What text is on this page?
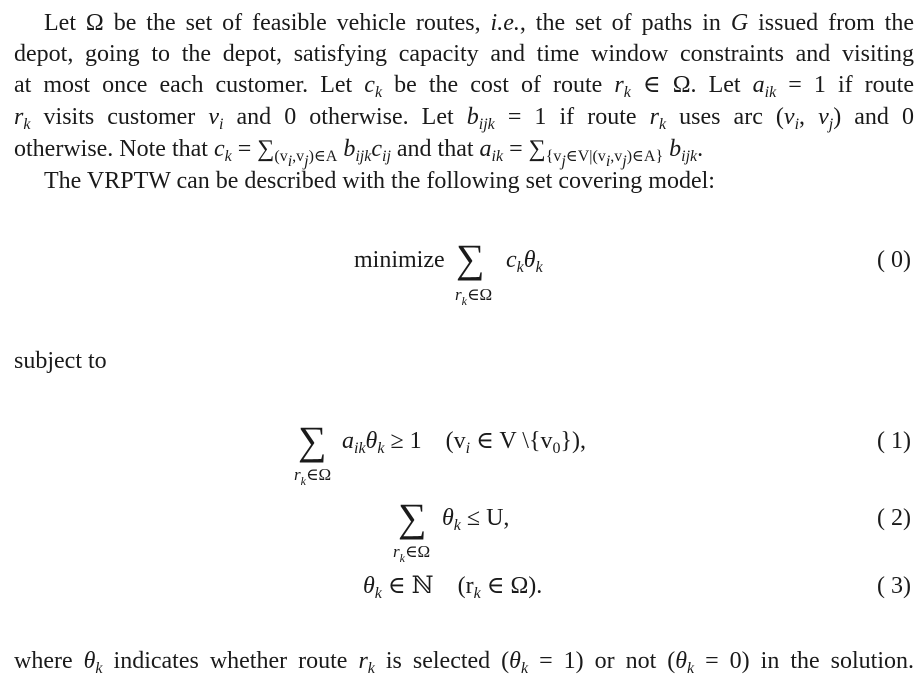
Let Ω be the set of feasible vehicle routes, i.e., the set of paths in G issued from the
depot, going to the depot, satisfying capacity and time window constraints and visiting
at most once each customer. Let $c_k$ be the cost of route $r_k$ ∈ Ω. Let $a_{ik} = 1$ if route
$r_k$ visits customer $v_i$ and 0 otherwise. Let $b_{ijk} = 1$ if route $r_k$ uses arc ($v_i$, $v_j$) and 0
otherwise. Note that $c_k = \sum_{(v_i,v_j)\in A}$ $b_{ijk}c_{ij}$ and that $a_{ik} = \sum_{\{v_j\in V|(v_i,v_j)\in A\}}$ $b_{ijk}$.
The VRPTW can be described with the following set covering model:
minimize ∑ $c_k\theta_k$
$r_k\in\Omega$
( 0)
subject to
∑ $a_{ik}\theta_k \ge 1$ ($v_i$ ∈ V $\backslash\{v_0\}$),
$r_k\in\Omega$
( 1)
∑ $\theta_k \le U$,
$r_k\in\Omega$
( 2)
$\theta_k$ ∈ ℕ ($r_k$ ∈ Ω).	( 3)
where $\theta_k$ indicates whether route $r_k$ is selected $(\theta_k = 1)$ or not $(\theta_k = 0)$ in the solution.
